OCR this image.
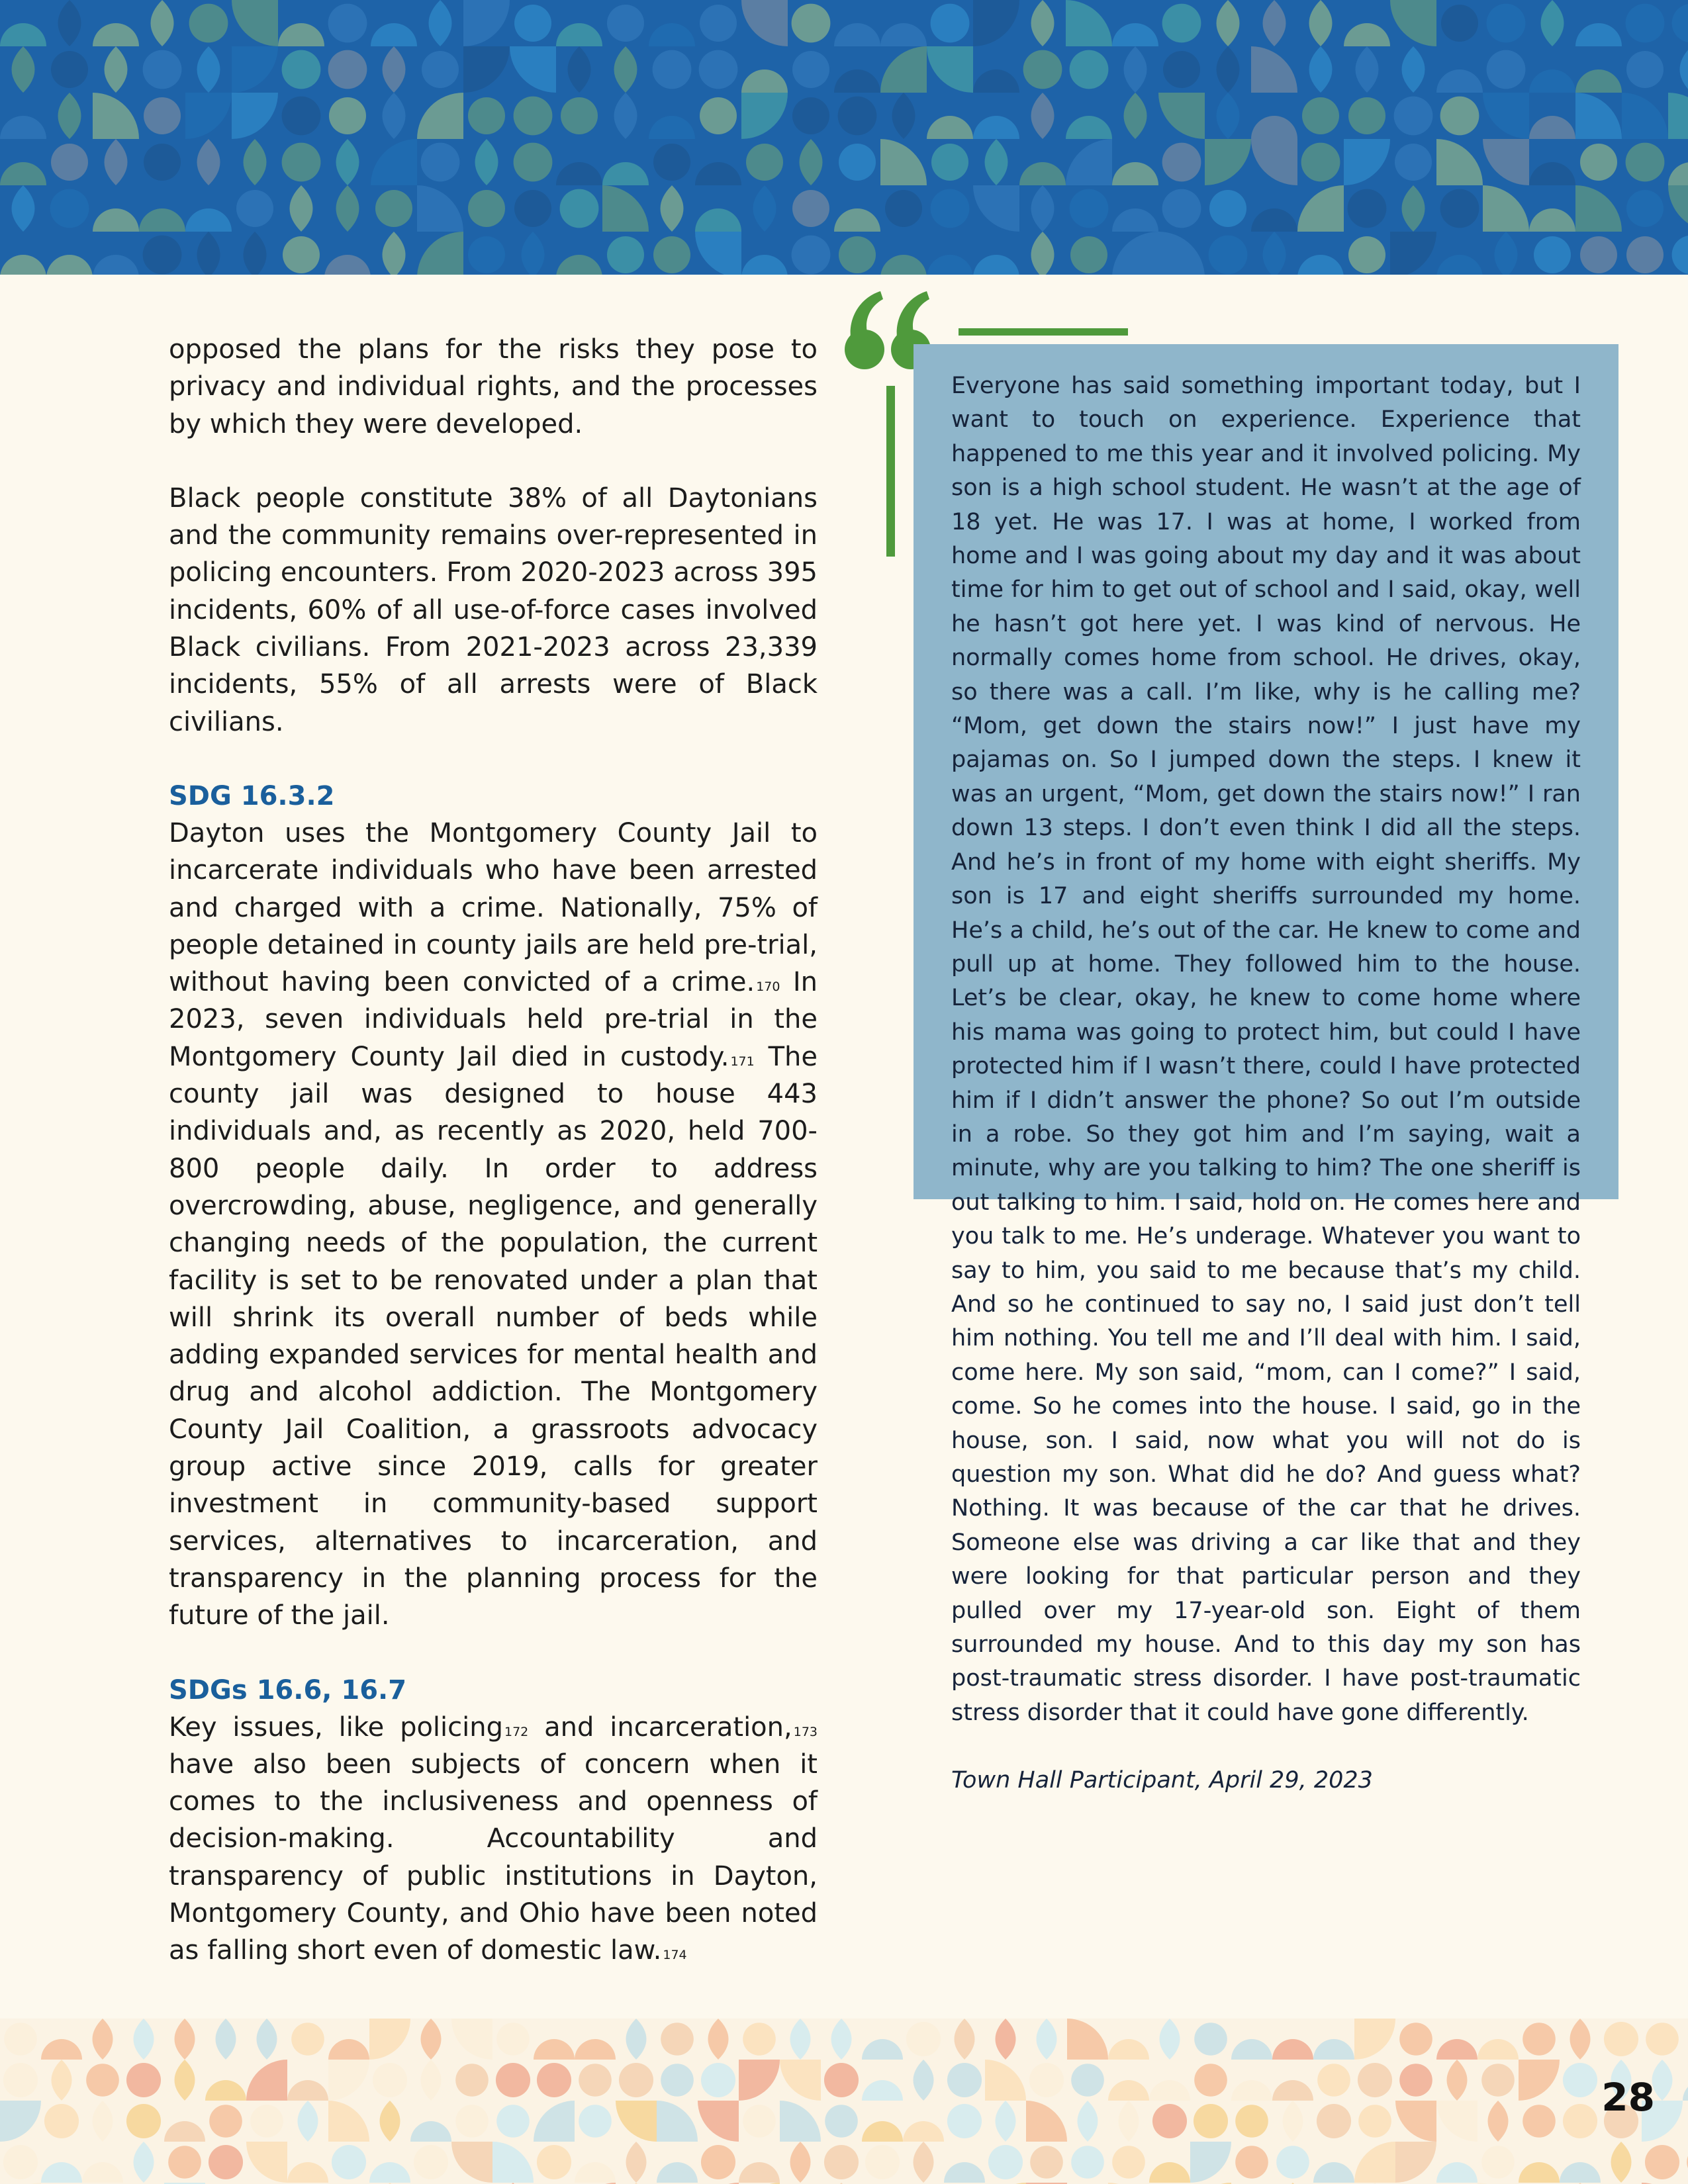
opposed the plans for the risks they pose to privacy and individual rights, and the processes by which they were developed.

Black people constitute 38% of all Daytonians and the community remains over-represented in policing encounters. From 2020-2023 across 395 incidents, 60% of all use-of-force cases involved Black civilians. From 2021-2023 across 23,339 incidents, 55% of all arrests were of Black civilians.

SDG 16.3.2

Dayton uses the Montgomery County Jail to incarcerate individuals who have been arrested and charged with a crime. Nationally, 75% of people detained in county jails are held pre-trial, without having been convicted of a crime. $^{170}$ In 2023, seven individuals held pre-trial in the Montgomery County Jail died in custody. $^{171}$ The county jail was designed to house 443 individuals and, as recently as 2020, held 700-800 people daily. In order to address overcrowding, abuse, negligence, and generally changing needs of the population, the current facility is set to be renovated under a plan that will shrink its overall number of beds while adding expanded services for mental health and drug and alcohol addiction. The Montgomery County Jail Coalition, a grassroots advocacy group active since 2019, calls for greater investment in community-based support services, alternatives to incarceration, and transparency in the planning process for the future of the jail.

SDGs 16.6, 16.7

Key issues, like policing $^{172}$ and incarceration, $^{173}$ have also been subjects of concern when it comes to the inclusiveness and openness of decision-making. Accountability and transparency of public institutions in Dayton, Montgomery County, and Ohio have been noted as falling short even of domestic law. $^{174}$

Everyone has said something important today, but I want to touch on experience. Experience that happened to me this year and it involved policing. My son is a high school student. He wasn’t at the age of 18 yet. He was 17. I was at home, I worked from home and I was going about my day and it was about time for him to get out of school and I said, okay, well he hasn’t got here yet. I was kind of nervous. He normally comes home from school. He drives, okay, so there was a call. I’m like, why is he calling me? “Mom, get down the stairs now!” I just have my pajamas on. So I jumped down the steps. I knew it was an urgent, “Mom, get down the stairs now!” I ran down 13 steps. I don’t even think I did all the steps. And he’s in front of my home with eight sheriffs. My son is 17 and eight sheriffs surrounded my home. He’s a child, he’s out of the car. He knew to come and pull up at home. They followed him to the house. Let’s be clear, okay, he knew to come home where his mama was going to protect him, but could I have protected him if I wasn’t there, could I have protected him if I didn’t answer the phone? So out I’m outside in a robe. So they got him and I’m saying, wait a minute, why are you talking to him? The one sheriff is out talking to him. I said, hold on. He comes here and you talk to me. He’s underage. Whatever you want to say to him, you said to me because that’s my child. And so he continued to say no, I said just don’t tell him nothing. You tell me and I’ll deal with him. I said, come here. My son said, “mom, can I come?” I said, come. So he comes into the house. I said, go in the house, son. I said, now what you will not do is question my son. What did he do? And guess what? Nothing. It was because of the car that he drives. Someone else was driving a car like that and they were looking for that particular person and they pulled over my 17-year-old son. Eight of them surrounded my house. And to this day my son has post-traumatic stress disorder. I have post-traumatic stress disorder that it could have gone differently.

Town Hall Participant, April 29, 2023

28
